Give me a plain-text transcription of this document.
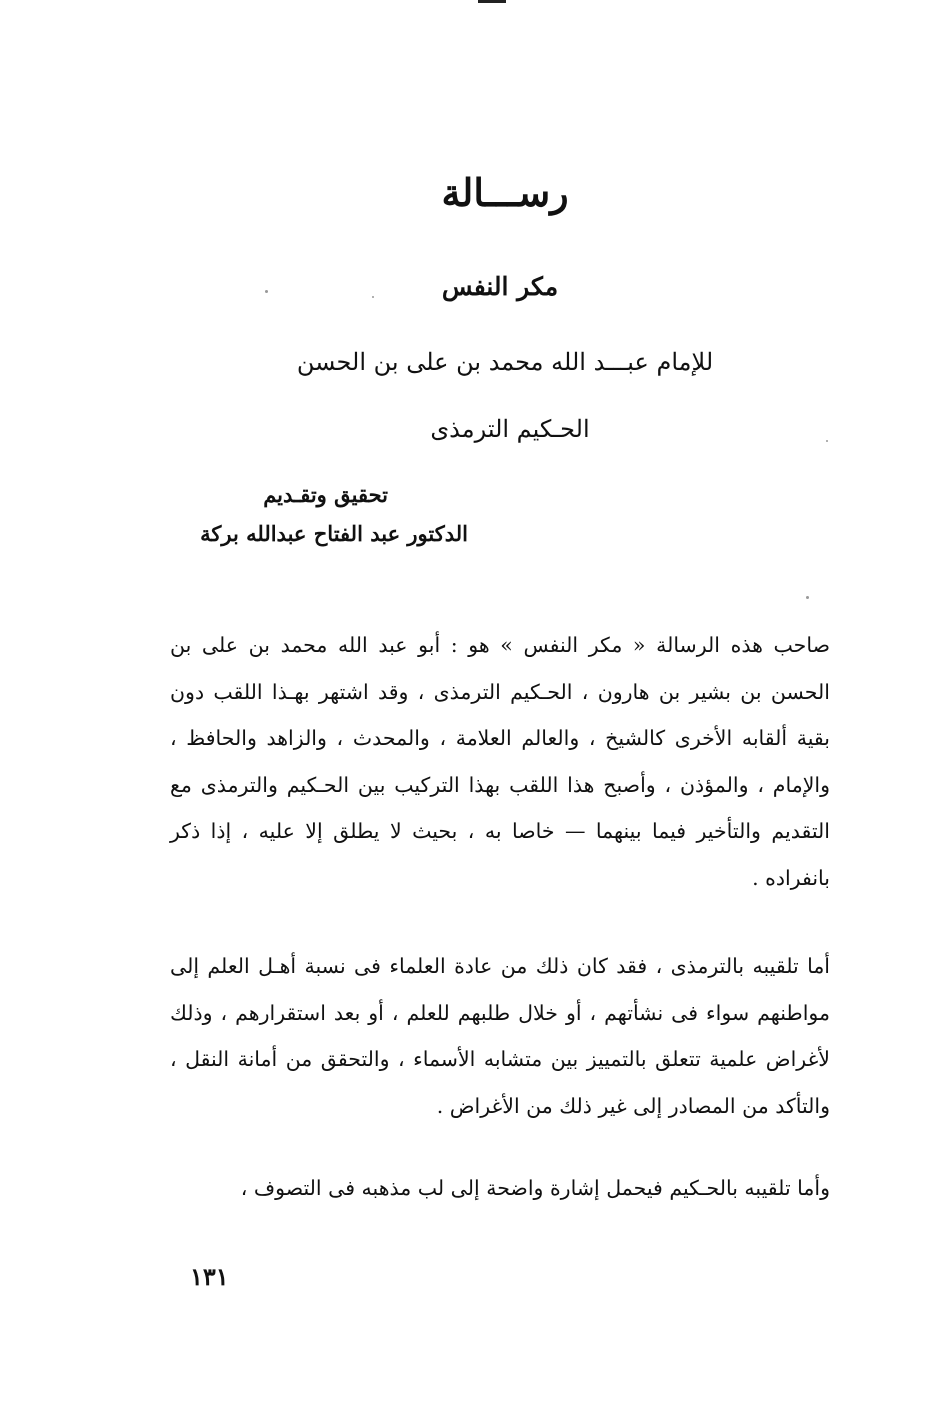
رســـالة
مكر النفس
للإمام عبـــد الله محمد بن على بن الحسن
الحـكيم الترمذى
تحقيق وتقـديم
الدكتور عبد الفتاح عبدالله بركة

صاحب هذه الرسالة « مكر النفس » هو : أبو عبد الله محمد بن على بن الحسن بن بشير بن هارون ، الحـكيم الترمذى ، وقد اشتهر بهـذا اللقب دون بقية ألقابه الأخرى كالشيخ ، والعالم العلامة ، والمحدث ، والزاهد والحافظ ، والإمام ، والمؤذن ، وأصبح هذا اللقب بهذا التركيب بين الحـكيم والترمذى مع التقديم والتأخير فيما بينهما — خاصا به ، بحيث لا يطلق إلا عليه ، إذا ذكر بانفراده .

أما تلقيبه بالترمذى ، فقد كان ذلك من عادة العلماء فى نسبة أهـل العلم إلى مواطنهم سواء فى نشأتهم ، أو خلال طلبهم للعلم ، أو بعد استقرارهم ، وذلك لأغراض علمية تتعلق بالتمييز بين متشابه الأسماء ، والتحقق من أمانة النقل ، والتأكد من المصادر إلى غير ذلك من الأغراض .

وأما تلقيبه بالحـكيم فيحمل إشارة واضحة إلى لب مذهبه فى التصوف ،

١٣١
